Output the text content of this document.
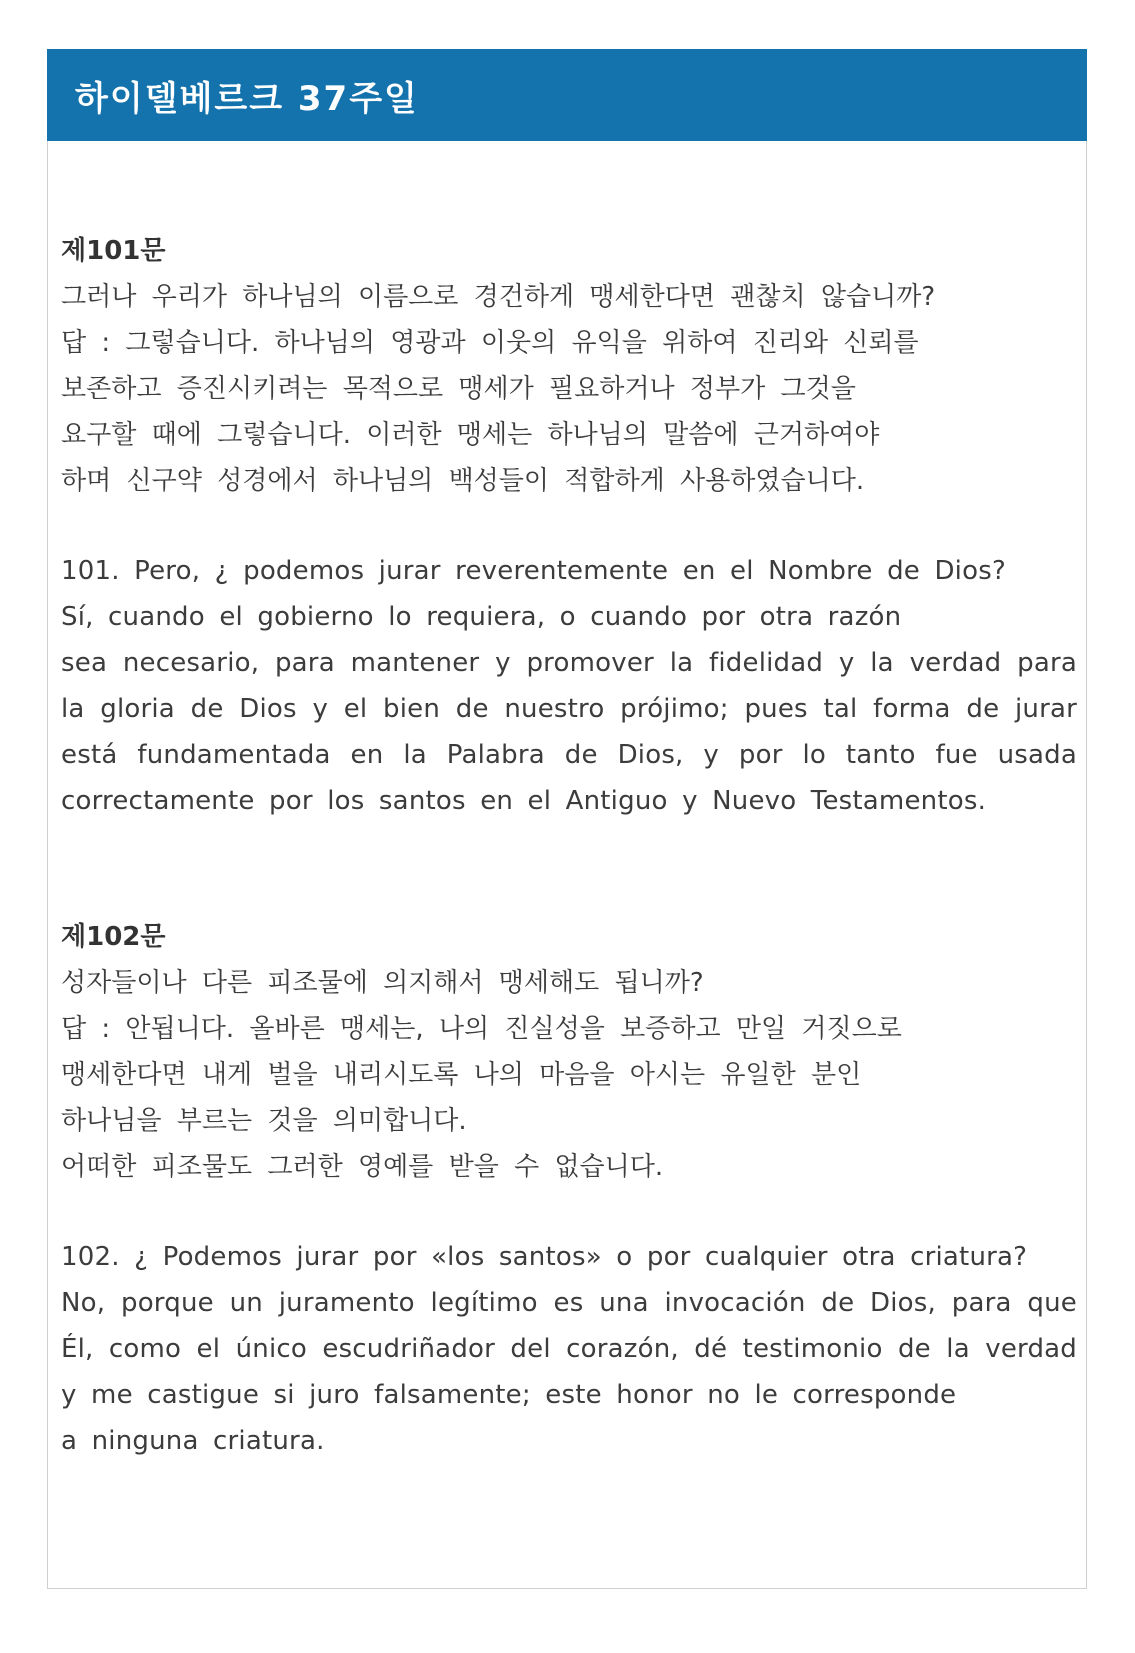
하이델베르크 37주일
제101문
그러나 우리가 하나님의 이름으로 경건하게 맹세한다면 괜찮치 않습니까?
답 : 그렇습니다. 하나님의 영광과 이웃의 유익을 위하여 진리와 신뢰를
보존하고 증진시키려는 목적으로 맹세가 필요하거나 정부가 그것을
요구할 때에 그렇습니다. 이러한 맹세는 하나님의 말씀에 근거하여야
하며 신구약 성경에서 하나님의 백성들이 적합하게 사용하였습니다.
101. Pero, ¿ podemos jurar reverentemente en el Nombre de Dios?
Sí, cuando el gobierno lo requiera, o cuando por otra razón
sea necesario, para mantener y promover la fidelidad y la verdad para
la gloria de Dios y el bien de nuestro prójimo; pues tal forma de jurar
está fundamentada en la Palabra de Dios, y por lo tanto fue usada
correctamente por los santos en el Antiguo y Nuevo Testamentos.
제102문
성자들이나 다른 피조물에 의지해서 맹세해도 됩니까?
답 : 안됩니다. 올바른 맹세는, 나의 진실성을 보증하고 만일 거짓으로
맹세한다면 내게 벌을 내리시도록 나의 마음을 아시는 유일한 분인
하나님을 부르는 것을 의미합니다.
어떠한 피조물도 그러한 영예를 받을 수 없습니다.
102. ¿ Podemos jurar por «los santos» o por cualquier otra criatura?
No, porque un juramento legítimo es una invocación de Dios, para que
Él, como el único escudriñador del corazón, dé testimonio de la verdad
y me castigue si juro falsamente; este honor no le corresponde
a ninguna criatura.
